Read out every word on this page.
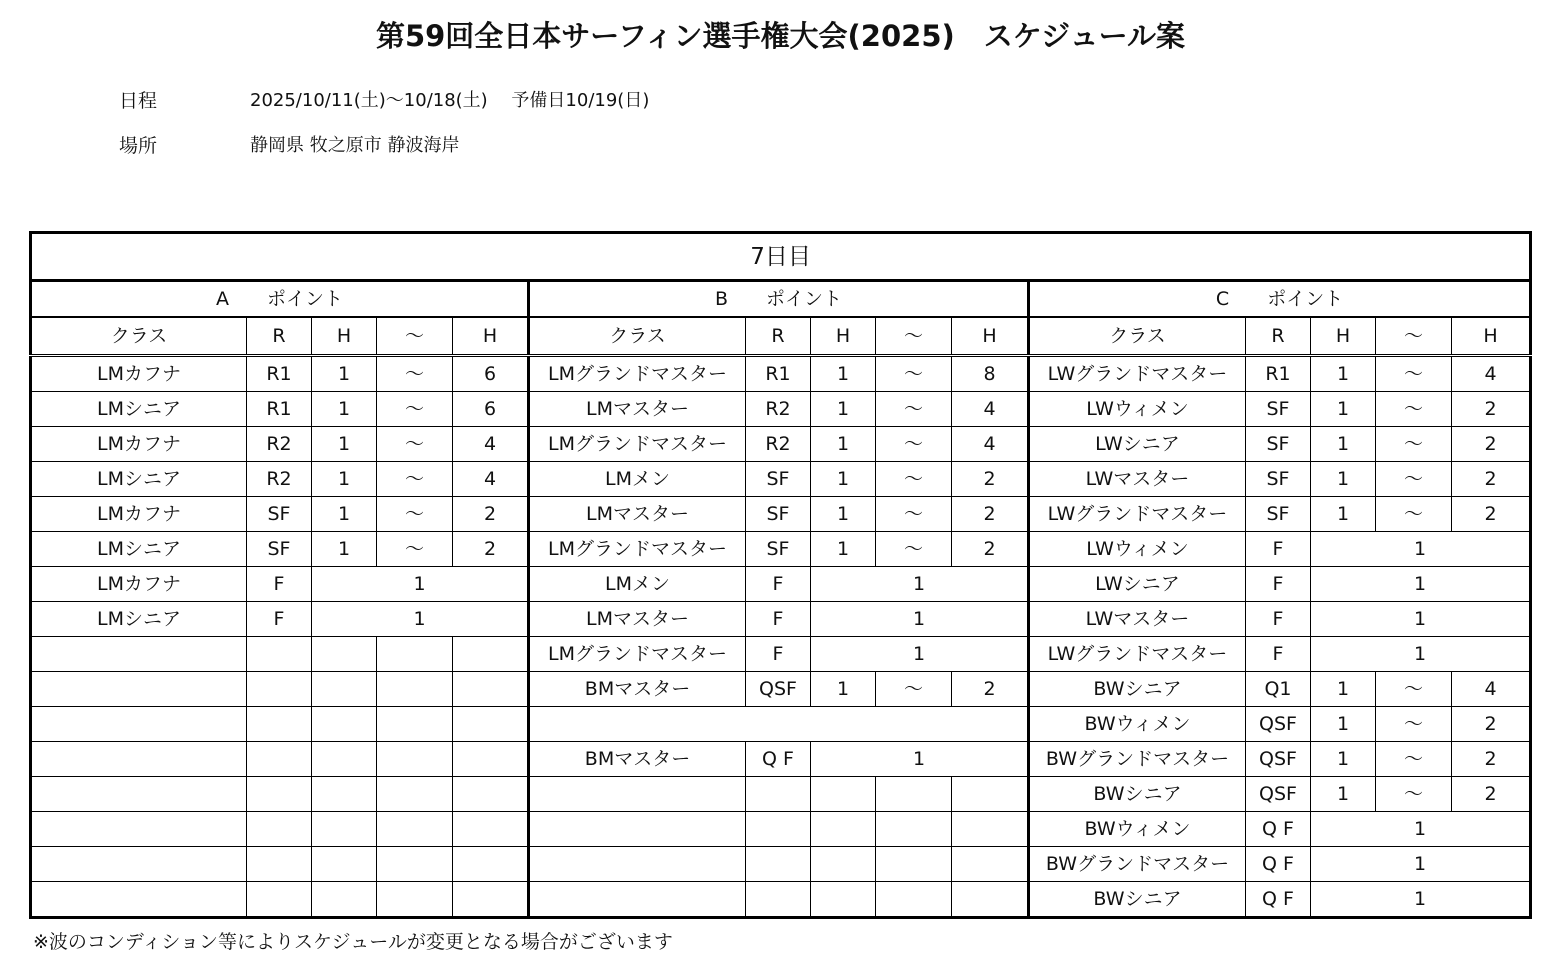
第59回全日本サーフィン選手権大会(2025)　スケジュール案
日程	2025/10/11(土)～10/18(土)　 予備日10/19(日)
場所	静岡県 牧之原市 静波海岸
7日目														
A　　ポイント					B　　ポイント					C　　ポイント				
クラス	R	H	～	H	クラス	R	H	～	H	クラス	R	H	～	H
LMカフナ	R1	1	～	6	LMグランドマスター	R1	1	～	8	LWグランドマスター	R1	1	～	4
LMシニア	R1	1	～	6	LMマスター	R2	1	～	4	LWウィメン	SF	1	～	2
LMカフナ	R2	1	～	4	LMグランドマスター	R2	1	～	4	LWシニア	SF	1	～	2
LMシニア	R2	1	～	4	LMメン	SF	1	～	2	LWマスター	SF	1	～	2
LMカフナ	SF	1	～	2	LMマスター	SF	1	～	2	LWグランドマスター	SF	1	～	2
LMシニア	SF	1	～	2	LMグランドマスター	SF	1	～	2	LWウィメン	F	1		
LMカフナ	F	1			LMメン	F	1			LWシニア	F	1		
LMシニア	F	1			LMマスター	F	1			LWマスター	F	1		
					LMグランドマスター	F	1			LWグランドマスター	F	1		
					BMマスター	QSF	1	～	2	BWシニア	Q1	1	～	4
										BWウィメン	QSF	1	～	2
					BMマスター	Q F	1			BWグランドマスター	QSF	1	～	2
										BWシニア	QSF	1	～	2
										BWウィメン	Q F	1		
										BWグランドマスター	Q F	1		
										BWシニア	Q F	1		
※波のコンディション等によりスケジュールが変更となる場合がございます
